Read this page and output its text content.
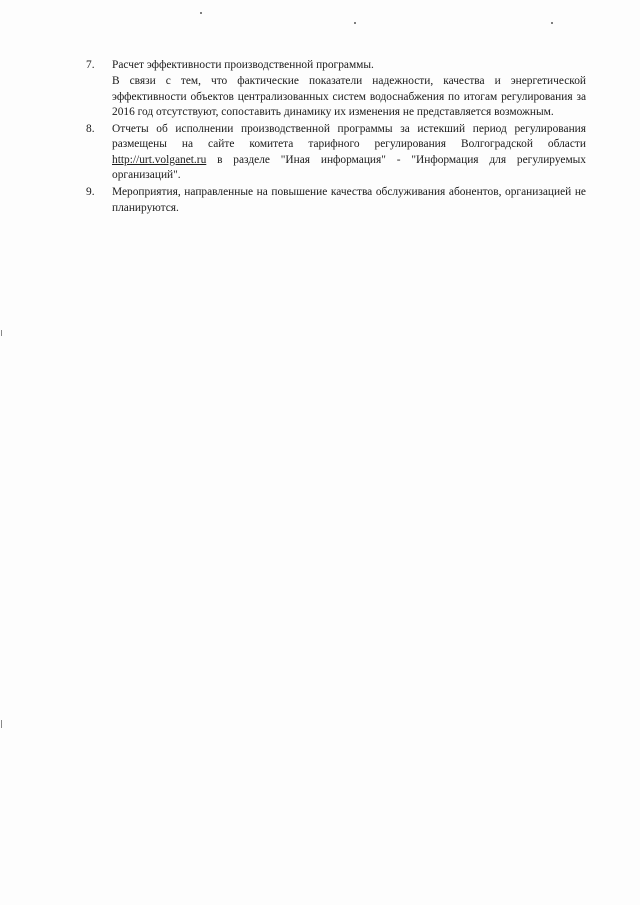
7. Расчет эффективности производственной программы.
В связи с тем, что фактические показатели надежности, качества и энергетической эффективности объектов централизованных систем водоснабжения по итогам регулирования за 2016 год отсутствуют, сопоставить динамику их изменения не представляется возможным.
8. Отчеты об исполнении производственной программы за истекший период регулирования размещены на сайте комитета тарифного регулирования Волгоградской области http://urt.volganet.ru в разделе "Иная информация" - "Информация для регулируемых организаций".
9. Мероприятия, направленные на повышение качества обслуживания абонентов, организацией не планируются.
